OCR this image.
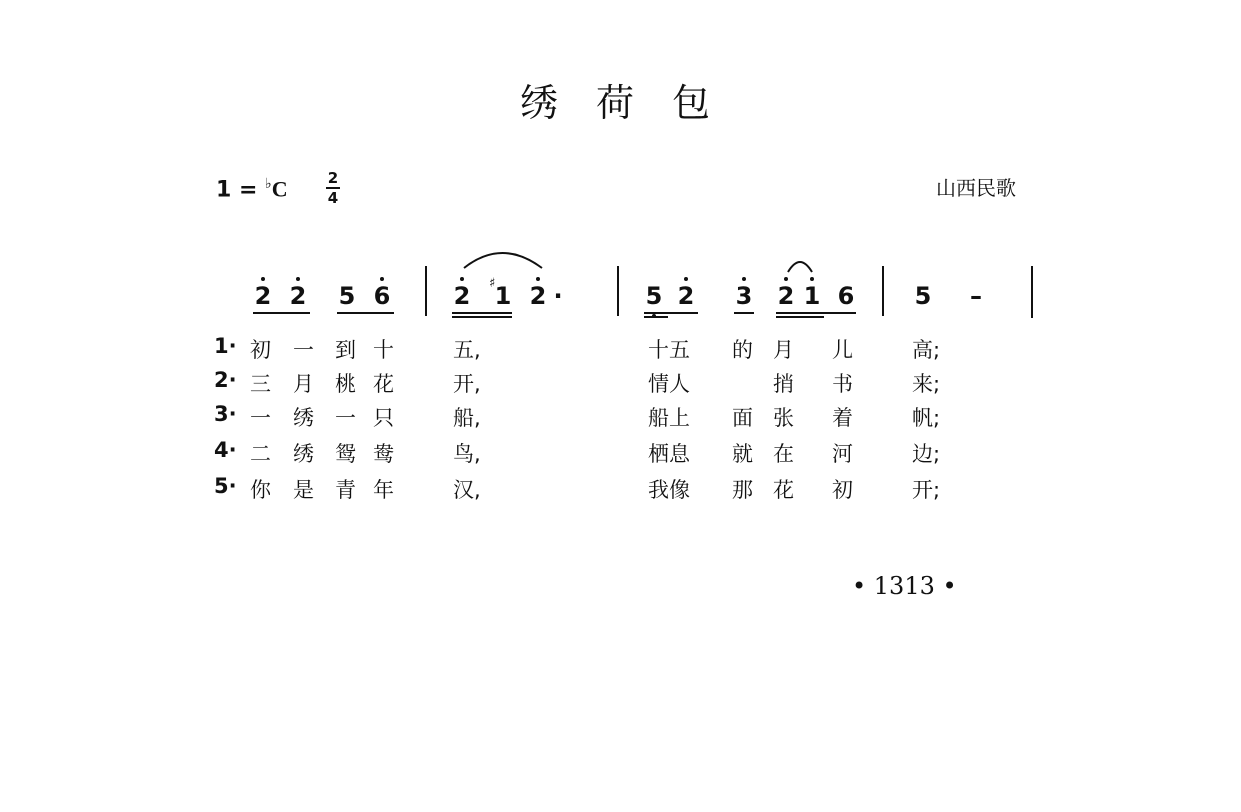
绣荷包
1 = ♭C	2
4	山西民歌
2 2 5 6	2 ♯ 1 2 ·	5 2 3 2 1 6	5 –
1· 初 一 到 十	五,	十五 的 月 儿	高;
2· 三 月 桃 花	开,	情人	捎 书	来;
3· 一 绣 一 只	船,	船上 面 张 着	帆;
4· 二 绣 鸳 鸯	鸟,	栖息 就 在 河	边;
5· 你 是 青 年	汉,	我像 那 花 初	开;
• 1313 •
